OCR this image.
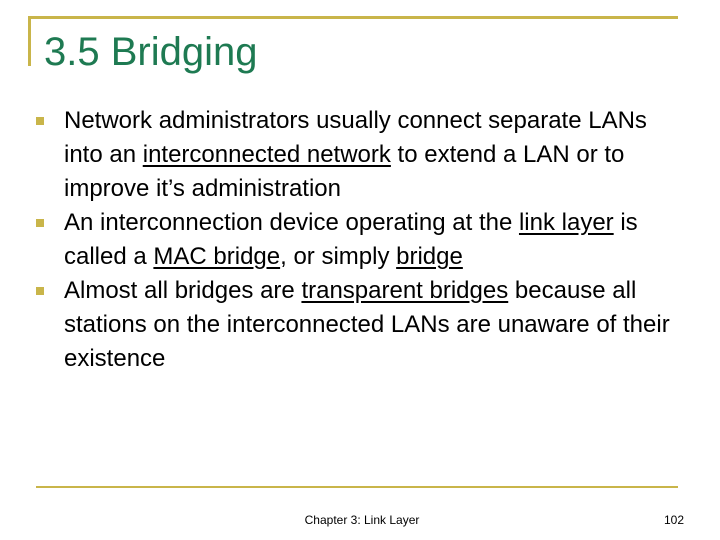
3.5 Bridging
Network administrators usually connect separate LANs into an interconnected network to extend a LAN or to improve it’s administration
An interconnection device operating at the link layer is called a MAC bridge, or simply bridge
Almost all bridges are transparent bridges because all stations on the interconnected LANs are unaware of their existence
Chapter 3: Link Layer	102
